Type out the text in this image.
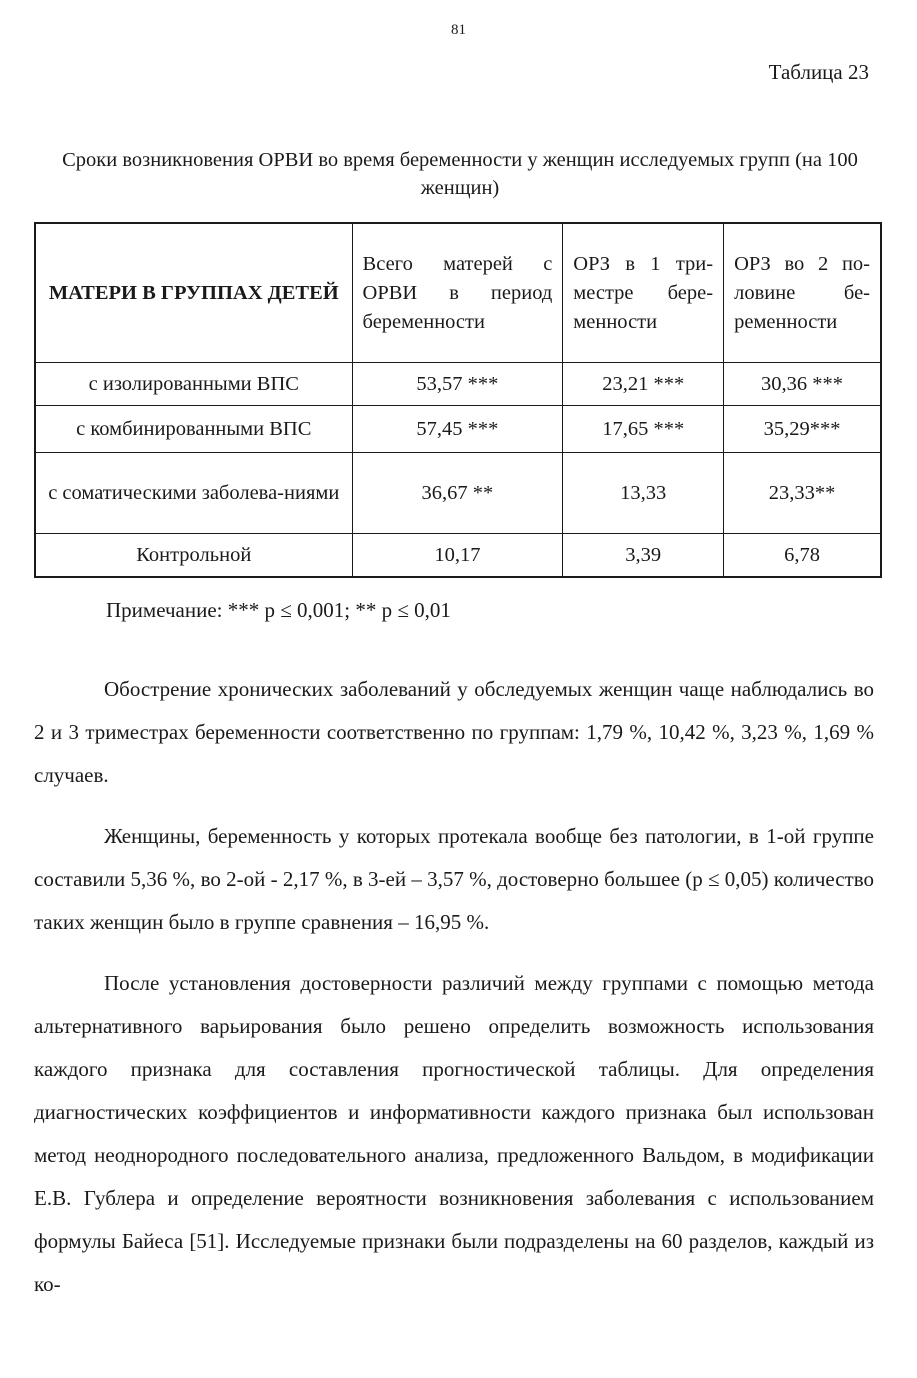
81
Таблица 23
Сроки возникновения ОРВИ во время беременности у женщин исследуемых групп (на 100 женщин)
МАТЕРИ В ГРУППАХ ДЕТЕЙ	Всего матерей с ОРВИ в период беременности	ОРЗ в 1 три-местре бере-менности	ОРЗ во 2 по-ловине бе-ременности
с изолированными ВПС	53,57 ***	23,21 ***	30,36 ***
с комбинированными ВПС	57,45 ***	17,65 ***	35,29***
с соматическими заболева-ниями	36,67 **	13,33	23,33**
Контрольной	10,17	3,39	6,78
Примечание: *** p ≤ 0,001; ** p ≤ 0,01

Обострение хронических заболеваний у обследуемых женщин чаще наблюдались во 2 и 3 триместрах беременности соответственно по группам: 1,79 %, 10,42 %, 3,23 %, 1,69 % случаев.

Женщины, беременность у которых протекала вообще без патологии, в 1-ой группе составили 5,36 %, во 2-ой - 2,17 %, в 3-ей – 3,57 %, достоверно большее (p ≤ 0,05) количество таких женщин было в группе сравнения – 16,95 %.

После установления достоверности различий между группами с помощью метода альтернативного варьирования было решено определить возможность использования каждого признака для составления прогностической таблицы. Для определения диагностических коэффициентов и информативности каждого признака был использован метод неоднородного последовательного анализа, предложенного Вальдом, в модификации Е.В. Гублера и определение вероятности возникновения заболевания с использованием формулы Байеса [51]. Исследуемые признаки были подразделены на 60 разделов, каждый из ко-
